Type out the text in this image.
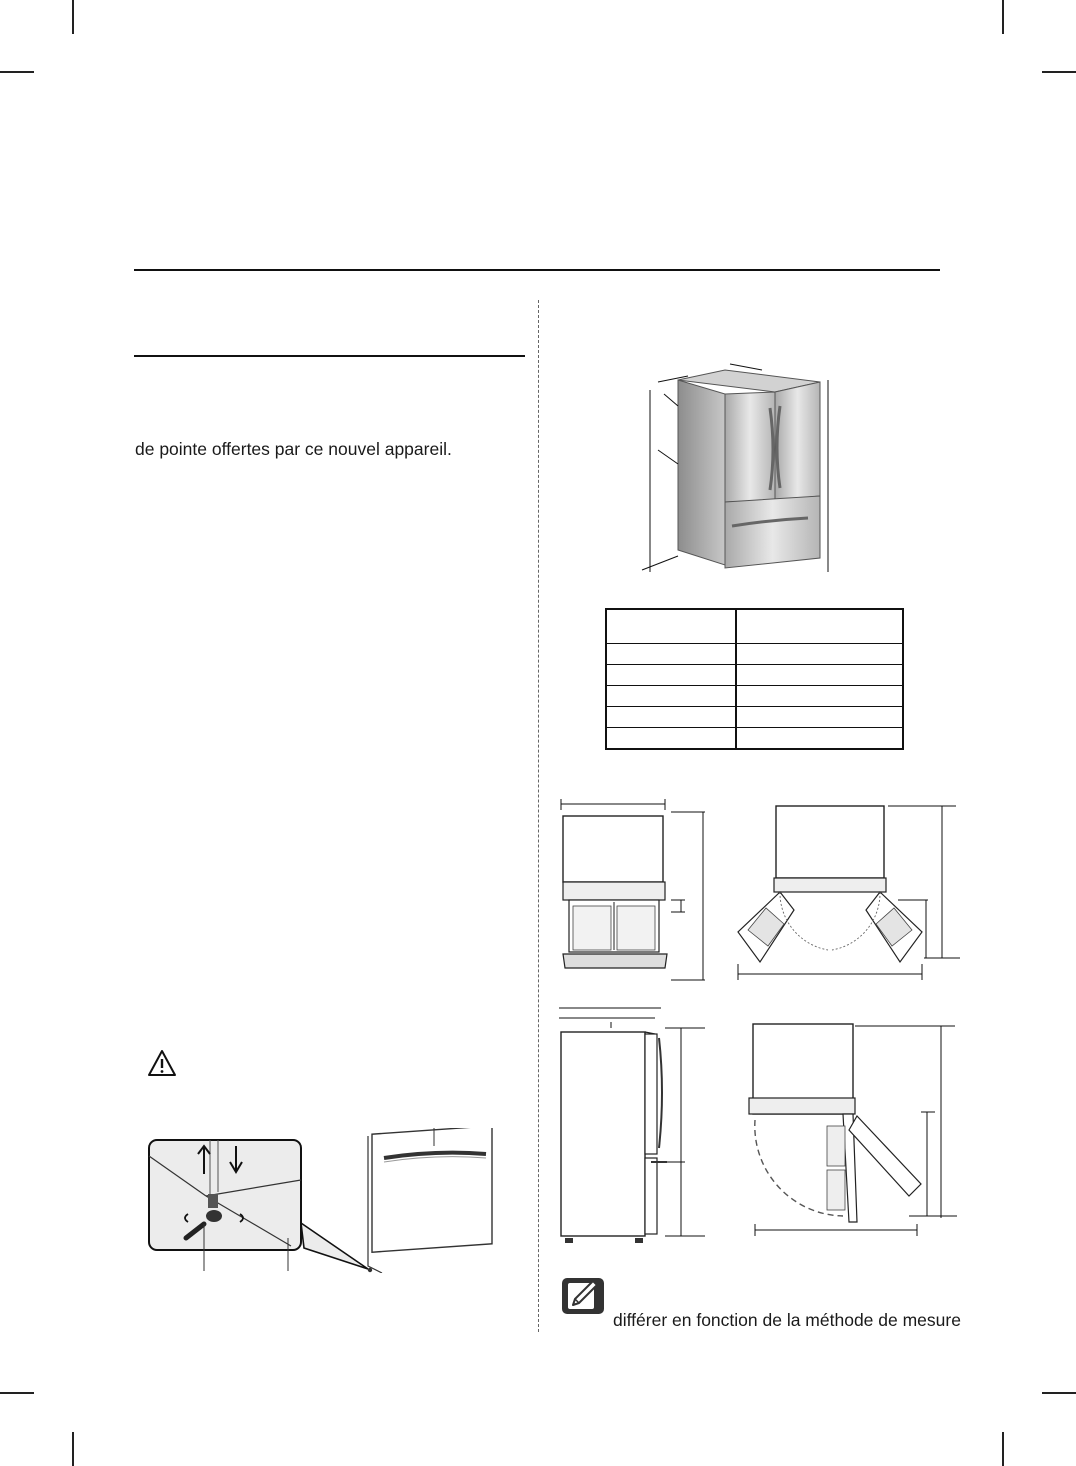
de pointe offertes par ce nouvel appareil.

différer en fonction de la méthode de mesure
